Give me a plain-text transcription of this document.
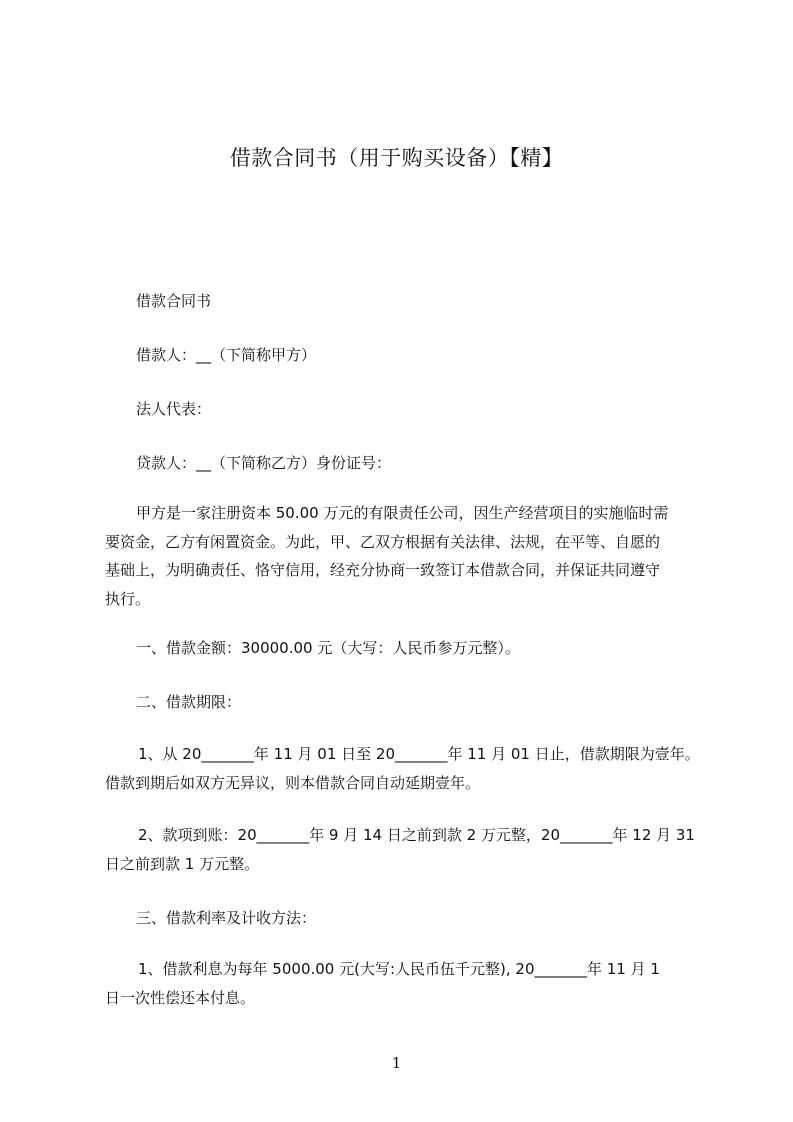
借款合同书（用于购买设备）【精】
借款合同书
借款人：__（下简称甲方）
法人代表：
贷款人：__（下简称乙方）身份证号：

甲方是一家注册资本 50.00 万元的有限责任公司，因生产经营项目的实施临时需

要资金，乙方有闲置资金。为此，甲、乙双方根据有关法律、法规，在平等、自愿的

基础上，为明确责任、恪守信用，经充分协商一致签订本借款合同，并保证共同遵守

执行。

一、借款金额：30000.00 元（大写：人民币参万元整）。
二、借款期限：

1、从 20_______年 11 月 01 日至 20_______年 11 月 01 日止，借款期限为壹年。

借款到期后如双方无异议，则本借款合同自动延期壹年。

2、款项到账：20_______年 9 月 14 日之前到款 2 万元整，20_______年 12 月 31

日之前到款 1 万元整。

三、借款利率及计收方法：

1、借款利息为每年 5000.00 元(大写:人民币伍千元整), 20_______年 11 月 1

日一次性偿还本付息。

1
